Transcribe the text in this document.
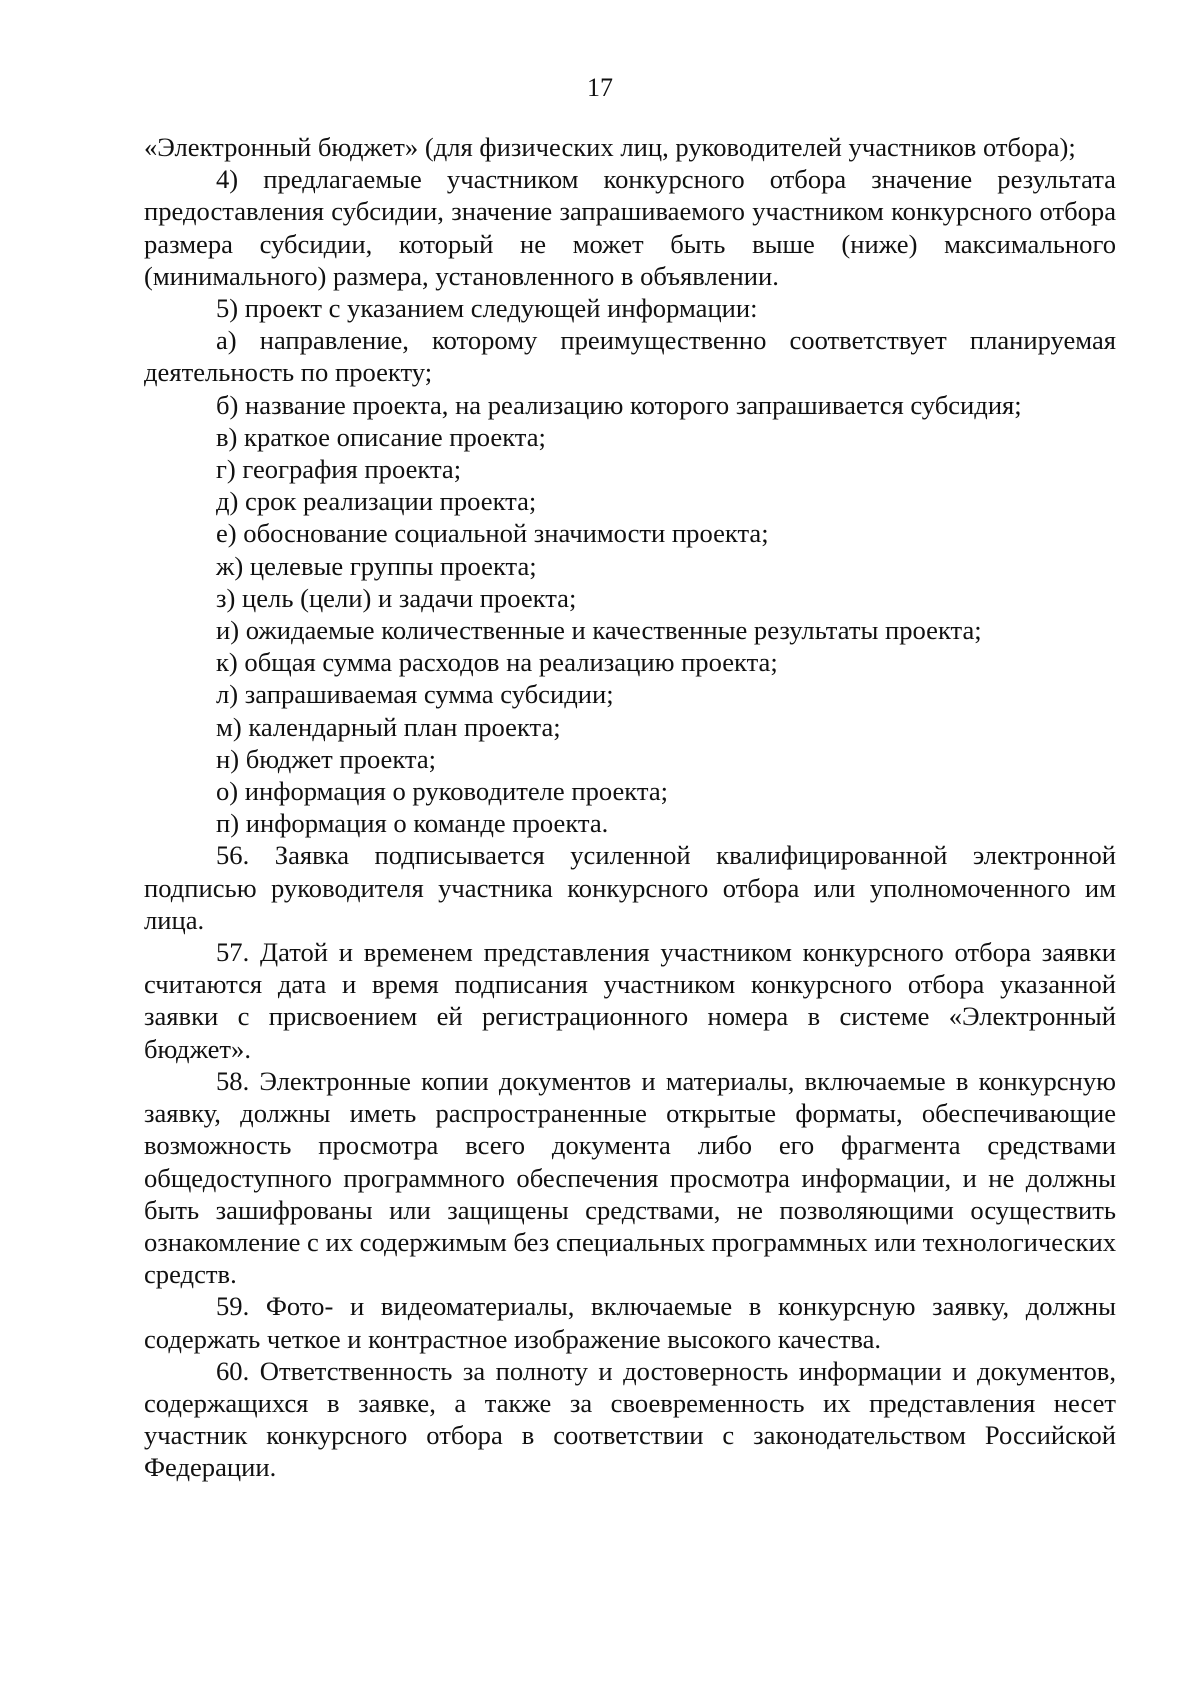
17

«Электронный бюджет» (для физических лиц, руководителей участников отбора);

4) предлагаемые участником конкурсного отбора значение результата предоставления субсидии, значение запрашиваемого участником конкурсного отбора размера субсидии, который не может быть выше (ниже) максимального (минимального) размера, установленного в объявлении.

5) проект с указанием следующей информации:

а) направление, которому преимущественно соответствует планируемая деятельность по проекту;

б) название проекта, на реализацию которого запрашивается субсидия;

в) краткое описание проекта;

г) география проекта;

д) срок реализации проекта;

е) обоснование социальной значимости проекта;

ж) целевые группы проекта;

з) цель (цели) и задачи проекта;

и) ожидаемые количественные и качественные результаты проекта;

к) общая сумма расходов на реализацию проекта;

л) запрашиваемая сумма субсидии;

м) календарный план проекта;

н) бюджет проекта;

о) информация о руководителе проекта;

п) информация о команде проекта.

56. Заявка подписывается усиленной квалифицированной электронной подписью руководителя участника конкурсного отбора или уполномоченного им лица.

57. Датой и временем представления участником конкурсного отбора заявки считаются дата и время подписания участником конкурсного отбора указанной заявки с присвоением ей регистрационного номера в системе «Электронный бюджет».

58. Электронные копии документов и материалы, включаемые в конкурсную заявку, должны иметь распространенные открытые форматы, обеспечивающие возможность просмотра всего документа либо его фрагмента средствами общедоступного программного обеспечения просмотра информации, и не должны быть зашифрованы или защищены средствами, не позволяющими осуществить ознакомление с их содержимым без специальных программных или технологических средств.

59. Фото- и видеоматериалы, включаемые в конкурсную заявку, должны содержать четкое и контрастное изображение высокого качества.

60. Ответственность за полноту и достоверность информации и документов, содержащихся в заявке, а также за своевременность их представления несет участник конкурсного отбора в соответствии с законодательством Российской Федерации.
